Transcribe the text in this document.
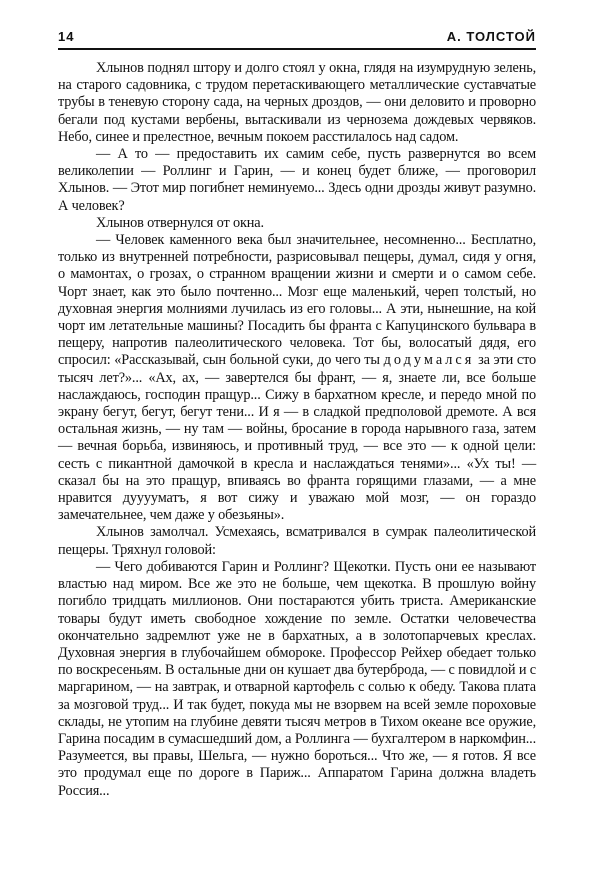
14	А. ТОЛСТОЙ

Хлынов поднял штору и долго стоял у окна, глядя на изумрудную зелень, на старого садовника, с трудом перетаскивающего металлические суставчатые трубы в теневую сторону сада, на черных дроздов, — они деловито и проворно бегали под кустами вербены, вытаскивали из чернозема дождевых червяков. Небо, синее и прелестное, вечным покоем расстилалось над садом.

— А то — предоставить их самим себе, пусть развернутся во всем великолепии — Роллинг и Гарин, — и конец будет ближе, — проговорил Хлынов. — Этот мир погибнет неминуемо... Здесь одни дрозды живут разумно. А человек?

Хлынов отвернулся от окна.

— Человек каменного века был значительнее, несомненно... Бесплатно, только из внутренней потребности, разрисовывал пещеры, думал, сидя у огня, о мамонтах, о грозах, о странном вращении жизни и смерти и о самом себе. Чорт знает, как это было почтенно... Мозг еще маленький, череп толстый, но духовная энергия молниями лучилась из его головы... А эти, нынешние, на кой чорт им летательные машины? Посадить бы франта с Капуцинского бульвара в пещеру, напротив палеолитического человека. Тот бы, волосатый дядя, его спросил: «Рассказывай, сын больной суки, до чего ты додумался за эти сто тысяч лет?»... «Ах, ах, — завертелся бы франт, — я, знаете ли, все больше наслаждаюсь, господин пращур... Сижу в бархатном кресле, и передо мной по экрану бегут, бегут, бегут тени... И я — в сладкой предполовой дремоте. А вся остальная жизнь, — ну там — войны, бросание в города нарывного газа, затем — вечная борьба, извиняюсь, и противный труд, — все это — к одной цели: сесть с пикантной дамочкой в кресла и наслаждаться тенями»... «Ух ты! — сказал бы на это пращур, впиваясь во франта горящими глазами, — а мне нравится дууууматъ, я вот сижу и уважаю мой мозг, — он гораздо замечательнее, чем даже у обезьяны».

Хлынов замолчал. Усмехаясь, всматривался в сумрак палеолитической пещеры. Тряхнул головой:

— Чего добиваются Гарин и Роллинг? Щекотки. Пусть они ее называют властью над миром. Все же это не больше, чем щекотка. В прошлую войну погибло тридцать миллионов. Они постараются убить триста. Американские товары будут иметь свободное хождение по земле. Остатки человечества окончательно задремлют уже не в бархатных, а в золотопарчевых креслах. Духовная энергия в глубочайшем обмороке. Профессор Рейхер обедает только по воскресеньям. В остальные дни он кушает два бутерброда, — с повидлой и с маргарином, — на завтрак, и отварной картофель с солью к обеду. Такова плата за мозговой труд... И так будет, покуда мы не взорвем на всей земле пороховые склады, не утопим на глубине девяти тысяч метров в Тихом океане все оружие, Гарина посадим в сумасшедший дом, а Роллинга — бухгалтером в наркомфин... Разумеется, вы правы, Шельга, — нужно бороться... Что же, — я готов. Я все это продумал еще по дороге в Париж... Аппаратом Гарина должна владеть Россия...
